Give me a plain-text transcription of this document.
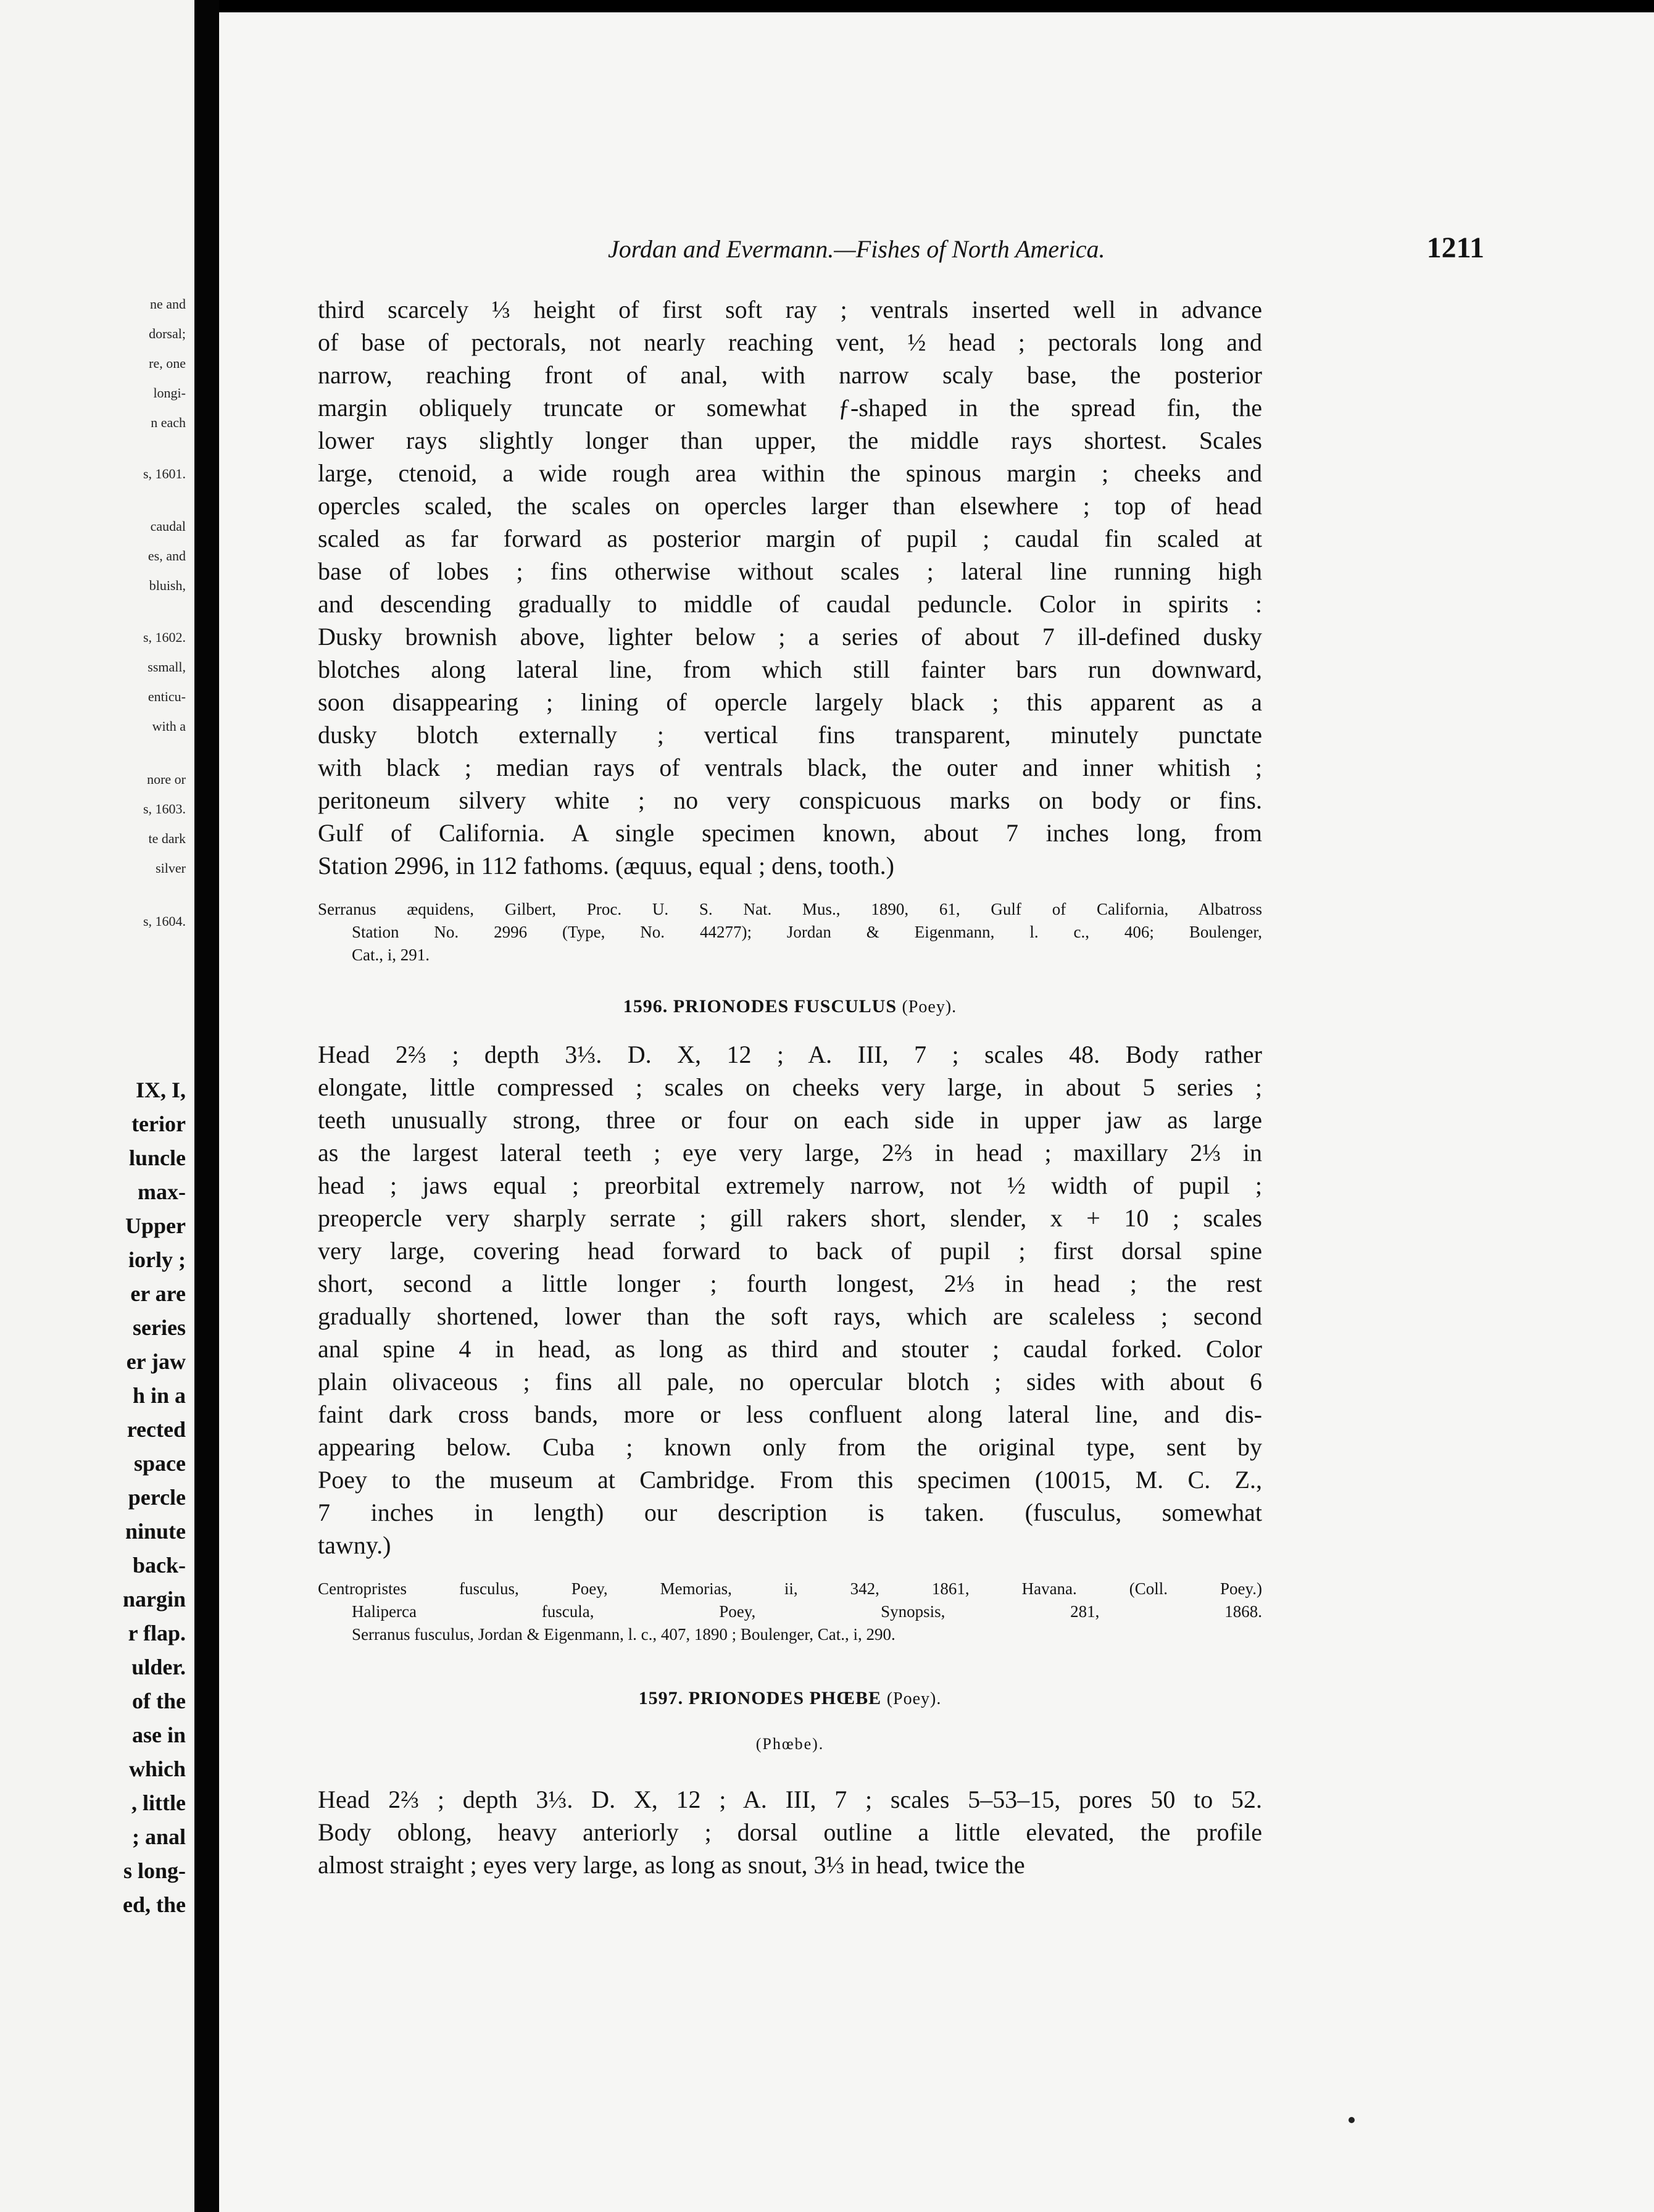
ne and
dorsal;
re, one
longi-
n each
s, 1601.
caudal
es, and
bluish,
s, 1602.
ssmall,
enticu-
with a
nore or
s, 1603.
te dark
silver
s, 1604.
IX, I,
terior
luncle
max-
Upper
iorly ;
er are
series
er jaw
h in a
rected
space
percle
ninute
back-
nargin
r flap.
ulder.
of the
ase in
which
, little
; anal
s long-
ed, the
Jordan and Evermann.—Fishes of North America.	1211
third scarcely ⅓ height of first soft ray ; ventrals inserted well in advance
of base of pectorals, not nearly reaching vent, ½ head ; pectorals long and
narrow, reaching front of anal, with narrow scaly base, the posterior
margin obliquely truncate or somewhat ƒ-shaped in the spread fin, the
lower rays slightly longer than upper, the middle rays shortest. Scales
large, ctenoid, a wide rough area within the spinous margin ; cheeks and
opercles scaled, the scales on opercles larger than elsewhere ; top of head
scaled as far forward as posterior margin of pupil ; caudal fin scaled at
base of lobes ; fins otherwise without scales ; lateral line running high
and descending gradually to middle of caudal peduncle. Color in spirits :
Dusky brownish above, lighter below ; a series of about 7 ill-defined dusky
blotches along lateral line, from which still fainter bars run downward,
soon disappearing ; lining of opercle largely black ; this apparent as a
dusky blotch externally ; vertical fins transparent, minutely punctate
with black ; median rays of ventrals black, the outer and inner whitish ;
peritoneum silvery white ; no very conspicuous marks on body or fins.
Gulf of California. A single specimen known, about 7 inches long, from
Station 2996, in 112 fathoms. (æquus, equal ; dens, tooth.)
Serranus æquidens, Gilbert, Proc. U. S. Nat. Mus., 1890, 61, Gulf of California, Albatross
Station No. 2996 (Type, No. 44277); Jordan & Eigenmann, l. c., 406; Boulenger,
Cat., i, 291.
1596. PRIONODES FUSCULUS (Poey).
Head 2⅔ ; depth 3⅓. D. X, 12 ; A. III, 7 ; scales 48. Body rather
elongate, little compressed ; scales on cheeks very large, in about 5 series ;
teeth unusually strong, three or four on each side in upper jaw as large
as the largest lateral teeth ; eye very large, 2⅔ in head ; maxillary 2⅓ in
head ; jaws equal ; preorbital extremely narrow, not ½ width of pupil ;
preopercle very sharply serrate ; gill rakers short, slender, x + 10 ; scales
very large, covering head forward to back of pupil ; first dorsal spine
short, second a little longer ; fourth longest, 2⅓ in head ; the rest
gradually shortened, lower than the soft rays, which are scaleless ; second
anal spine 4 in head, as long as third and stouter ; caudal forked. Color
plain olivaceous ; fins all pale, no opercular blotch ; sides with about 6
faint dark cross bands, more or less confluent along lateral line, and dis-
appearing below. Cuba ; known only from the original type, sent by
Poey to the museum at Cambridge. From this specimen (10015, M. C. Z.,
7 inches in length) our description is taken. (fusculus, somewhat
tawny.)
Centropristes fusculus, Poey, Memorias, ii, 342, 1861, Havana. (Coll. Poey.)
Haliperca fuscula, Poey, Synopsis, 281, 1868.
Serranus fusculus, Jordan & Eigenmann, l. c., 407, 1890 ; Boulenger, Cat., i, 290.
1597. PRIONODES PHŒBE (Poey).
(Phœbe).
Head 2⅔ ; depth 3⅓. D. X, 12 ; A. III, 7 ; scales 5–53–15, pores 50 to 52.
Body oblong, heavy anteriorly ; dorsal outline a little elevated, the profile
almost straight ; eyes very large, as long as snout, 3⅓ in head, twice the
